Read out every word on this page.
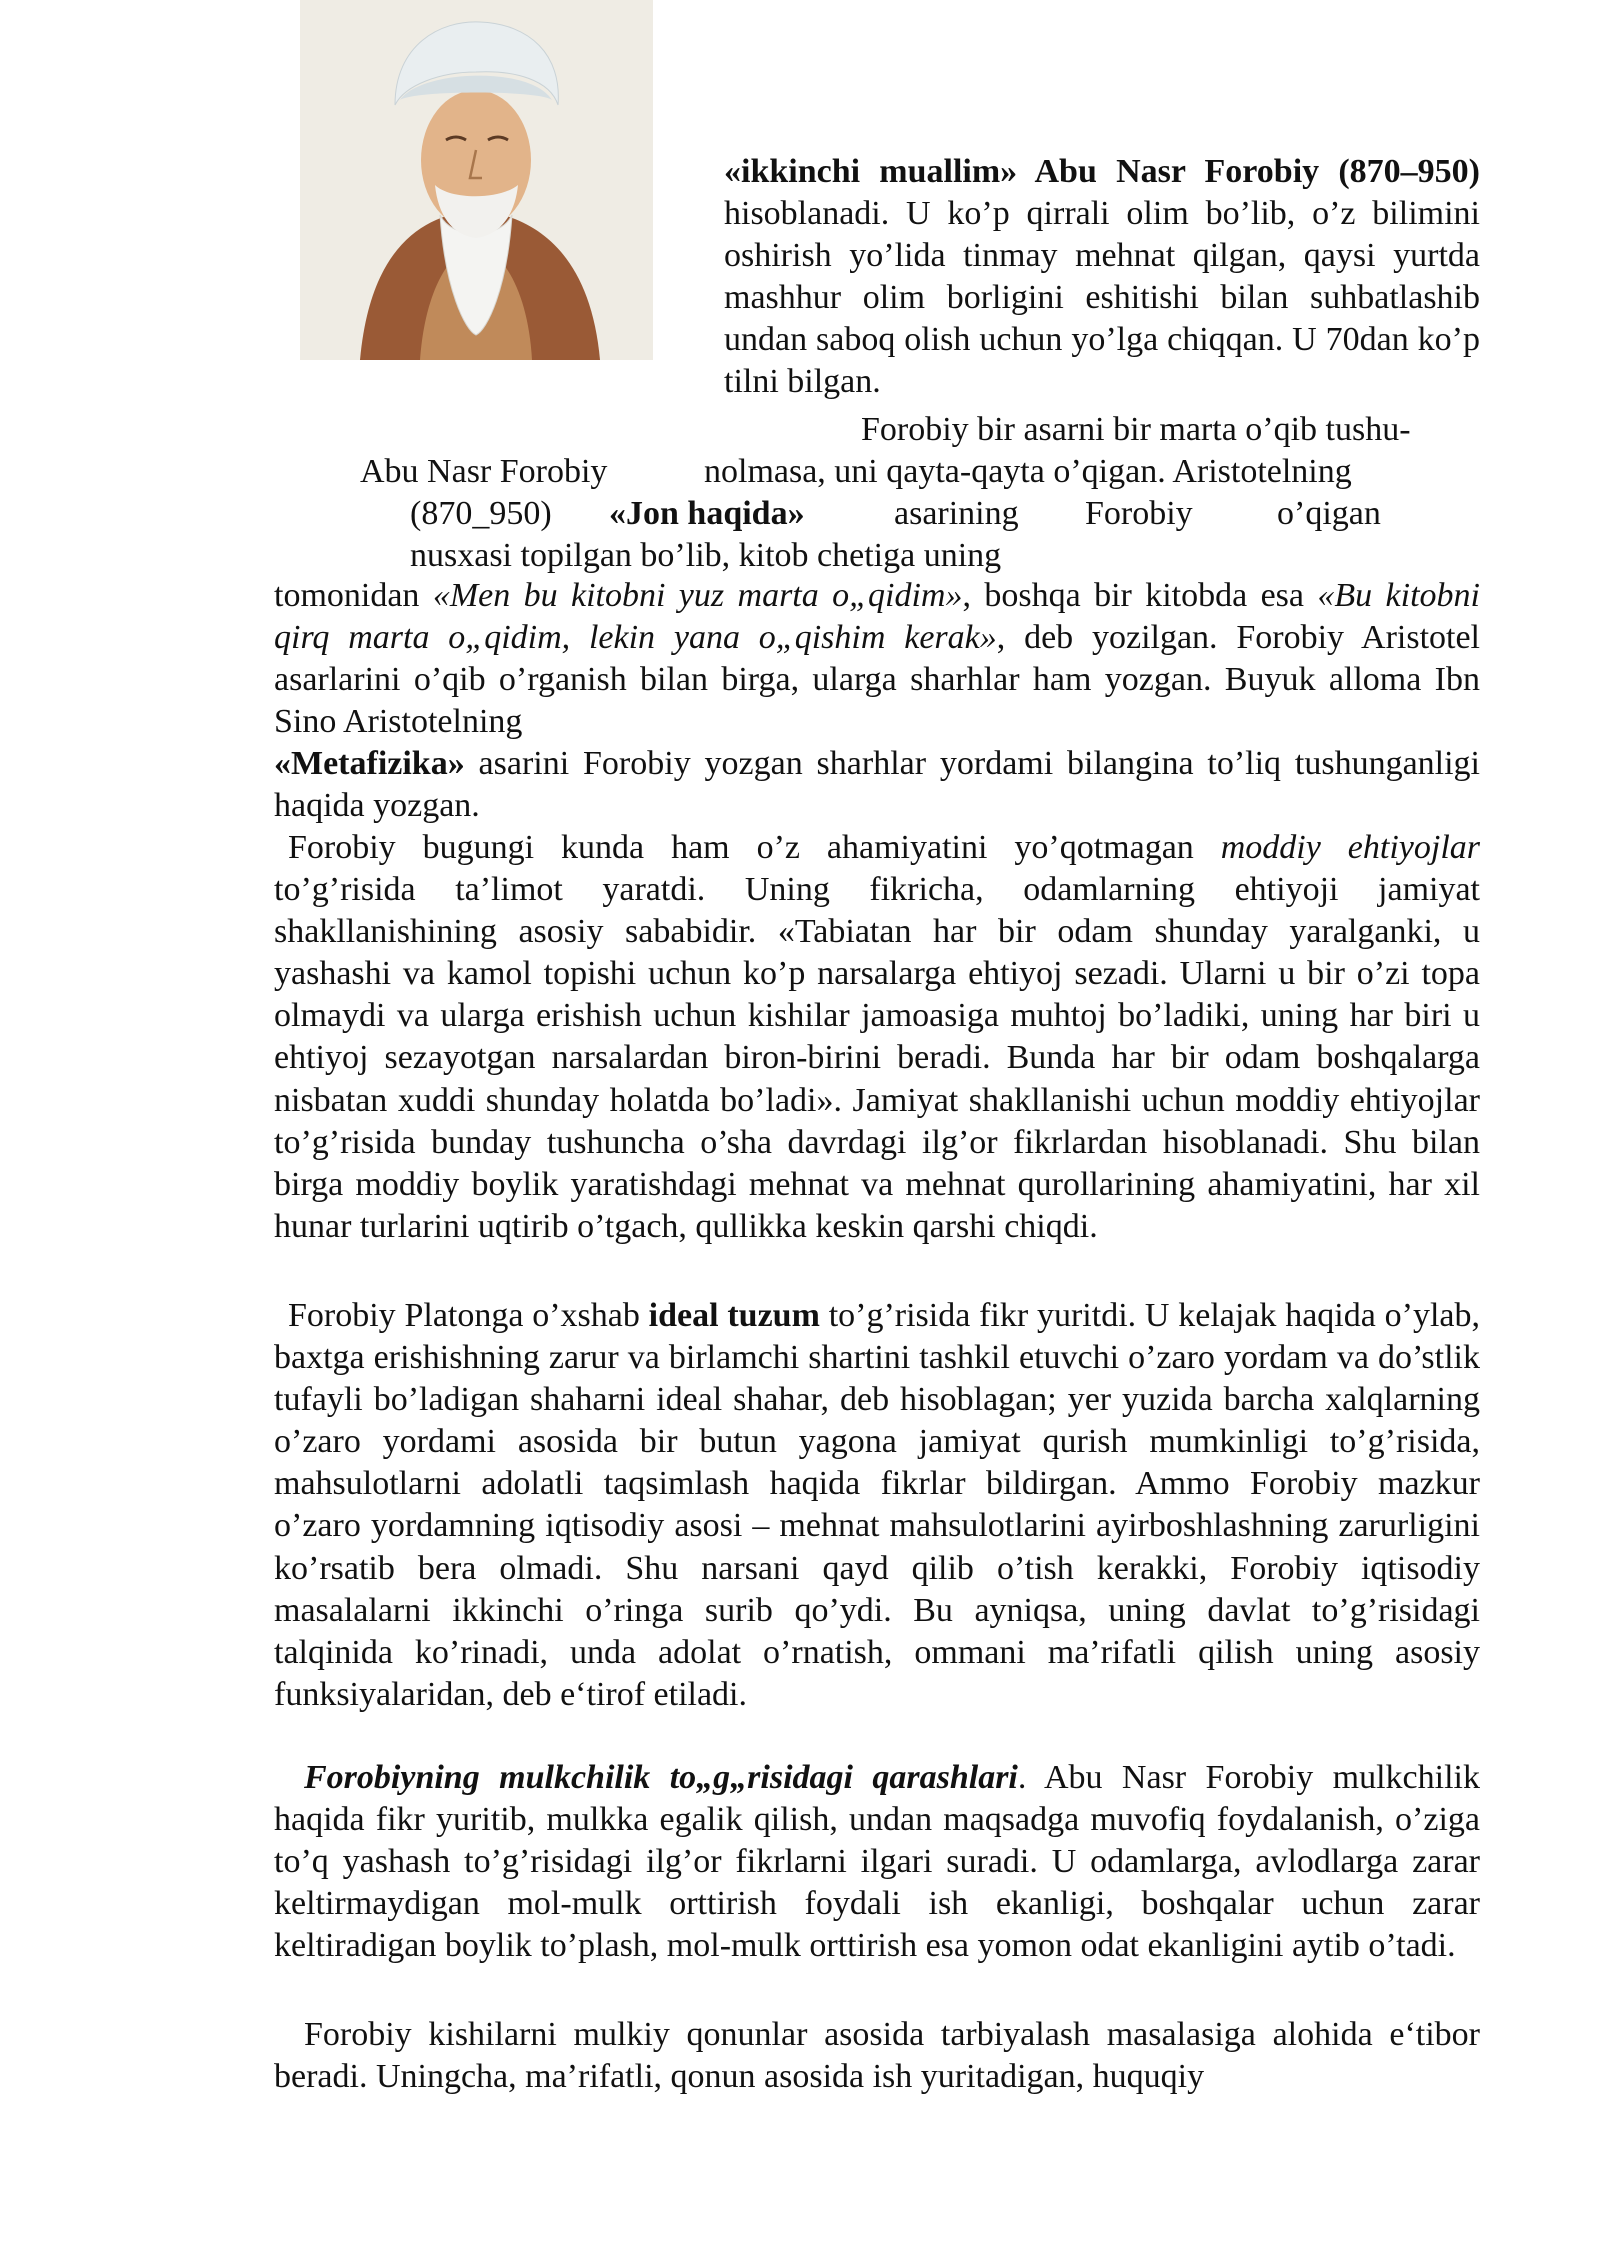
«ikkinchi muallim» Abu Nasr Forobiy (870–950) hisoblanadi. U ko’p qirrali olim bo’lib, o’z bilimini oshirish yo’lida tinmay mehnat qilgan, qaysi yurtda mashhur olim borligini eshitishi bilan suhbatlashib undan saboq olish uchun yo’lga chiqqan. U 70dan ko’p tilni bilgan.
Forobiy bir asarni bir marta o’qib tushu-
Abu Nasr Forobiy	nolmasa, uni qayta-qayta o’qigan. Aristotelning
(870_950) «Jon haqida»	asarining Forobiy o’qigan
nusxasi topilgan bo’lib, kitob chetiga uning
tomonidan «Men bu kitobni yuz marta o„qidim», boshqa bir kitobda esa «Bu kitobni qirq marta o„qidim, lekin yana o„qishim kerak», deb yozilgan. Forobiy Aristotel asarlarini o’qib o’rganish bilan birga, ularga sharhlar ham yozgan. Buyuk alloma Ibn Sino Aristotelning
«Metafizika» asarini Forobiy yozgan sharhlar yordami bilangina to’liq tushunganligi haqida yozgan.
Forobiy bugungi kunda ham o’z ahamiyatini yo’qotmagan moddiy ehtiyojlar to’g’risida ta’limot yaratdi. Uning fikricha, odamlarning ehtiyoji jamiyat shakllanishining asosiy sababidir. «Tabiatan har bir odam shunday yaralganki, u yashashi va kamol topishi uchun ko’p narsalarga ehtiyoj sezadi. Ularni u bir o’zi topa olmaydi va ularga erishish uchun kishilar jamoasiga muhtoj bo’ladiki, uning har biri u ehtiyoj sezayotgan narsalardan biron-birini beradi. Bunda har bir odam boshqalarga nisbatan xuddi shunday holatda bo’ladi». Jamiyat shakllanishi uchun moddiy ehtiyojlar to’g’risida bunday tushuncha o’sha davrdagi ilg’or fikrlardan hisoblanadi. Shu bilan birga moddiy boylik yaratishdagi mehnat va mehnat qurollarining ahamiyatini, har xil hunar turlarini uqtirib o’tgach, qullikka keskin qarshi chiqdi.
Forobiy Platonga o’xshab ideal tuzum to’g’risida fikr yuritdi. U kelajak haqida o’ylab, baxtga erishishning zarur va birlamchi shartini tashkil etuvchi o’zaro yordam va do’stlik tufayli bo’ladigan shaharni ideal shahar, deb hisoblagan; yer yuzida barcha xalqlarning o’zaro yordami asosida bir butun yagona jamiyat qurish mumkinligi to’g’risida, mahsulotlarni adolatli taqsimlash haqida fikrlar bildirgan. Ammo Forobiy mazkur o’zaro yordamning iqtisodiy asosi – mehnat mahsulotlarini ayirboshlashning zarurligini ko’rsatib bera olmadi. Shu narsani qayd qilib o’tish kerakki, Forobiy iqtisodiy masalalarni ikkinchi o’ringa surib qo’ydi. Bu ayniqsa, uning davlat to’g’risidagi talqinida ko’rinadi, unda adolat o’rnatish, ommani ma’rifatli qilish uning asosiy funksiyalaridan, deb e‘tirof etiladi.
Forobiyning mulkchilik to„g„risidagi qarashlari. Abu Nasr Forobiy mulkchilik haqida fikr yuritib, mulkka egalik qilish, undan maqsadga muvofiq foydalanish, o’ziga to’q yashash to’g’risidagi ilg’or fikrlarni ilgari suradi. U odamlarga, avlodlarga zarar keltirmaydigan mol-mulk orttirish foydali ish ekanligi, boshqalar uchun zarar keltiradigan boylik to’plash, mol-mulk orttirish esa yomon odat ekanligini aytib o’tadi.
Forobiy kishilarni mulkiy qonunlar asosida tarbiyalash masalasiga alohida e‘tibor beradi. Uningcha, ma’rifatli, qonun asosida ish yuritadigan, huquqiy
